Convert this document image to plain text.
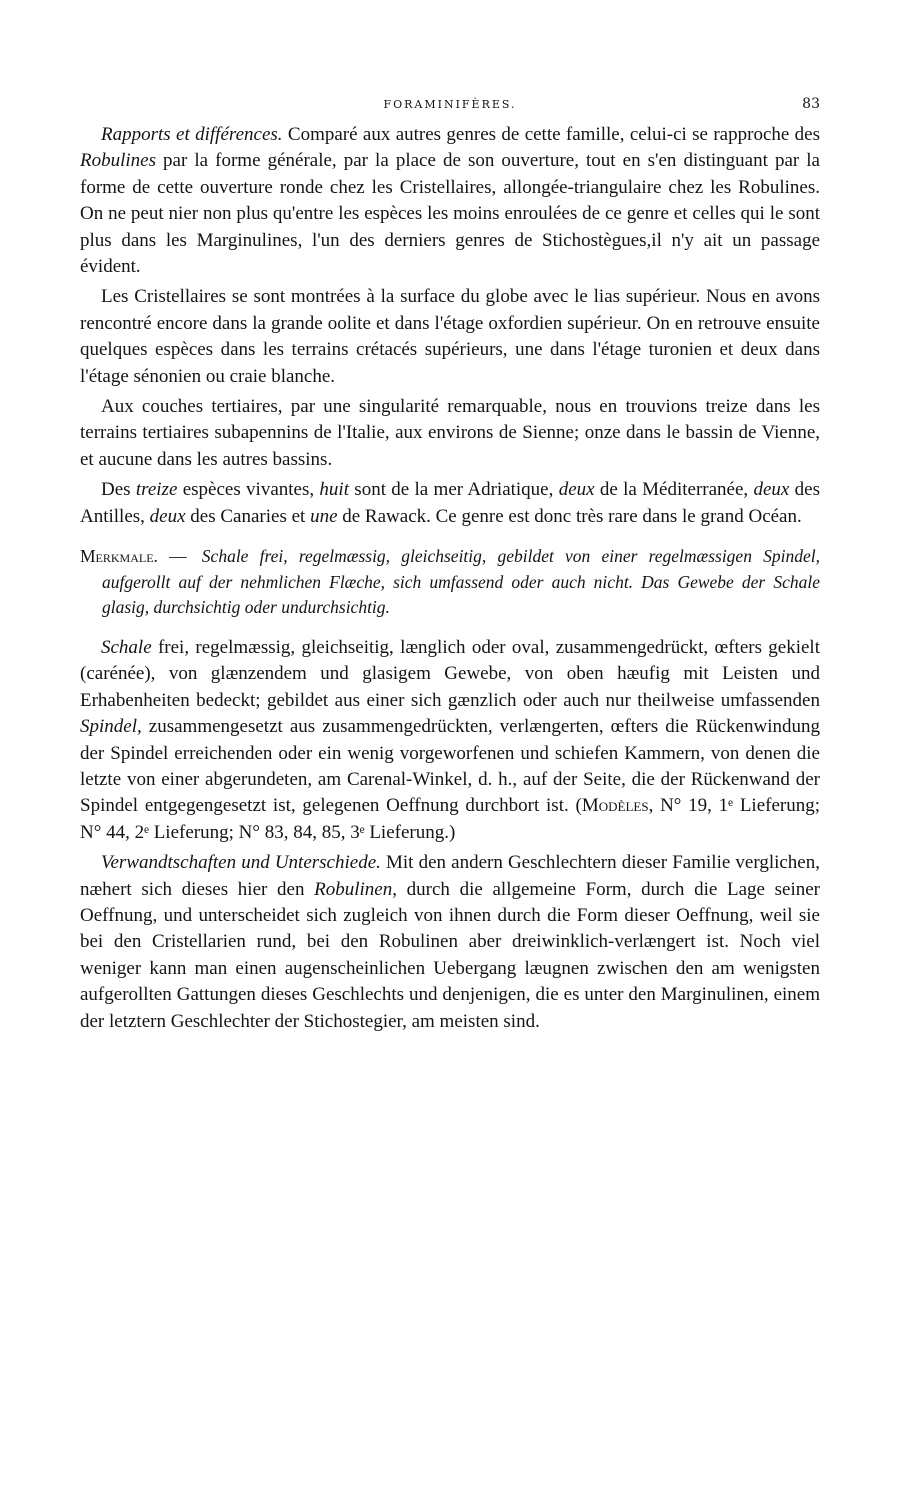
FORAMINIFÈRES.	83

Rapports et différences. Comparé aux autres genres de cette famille, celui-ci se rapproche des Robulines par la forme générale, par la place de son ouverture, tout en s'en distinguant par la forme de cette ouverture ronde chez les Cristellaires, allongée-triangulaire chez les Robulines. On ne peut nier non plus qu'entre les espèces les moins enroulées de ce genre et celles qui le sont plus dans les Marginulines, l'un des derniers genres de Stichostègues,il n'y ait un passage évident.

Les Cristellaires se sont montrées à la surface du globe avec le lias supérieur. Nous en avons rencontré encore dans la grande oolite et dans l'étage oxfordien supérieur. On en retrouve ensuite quelques espèces dans les terrains crétacés supérieurs, une dans l'étage turonien et deux dans l'étage sénonien ou craie blanche.

Aux couches tertiaires, par une singularité remarquable, nous en trouvions treize dans les terrains tertiaires subapennins de l'Italie, aux environs de Sienne; onze dans le bassin de Vienne, et aucune dans les autres bassins.

Des treize espèces vivantes, huit sont de la mer Adriatique, deux de la Méditerranée, deux des Antilles, deux des Canaries et une de Rawack. Ce genre est donc très rare dans le grand Océan.

Merkmale. — Schale frei, regelmæssig, gleichseitig, gebildet von einer regelmæssigen Spindel, aufgerollt auf der nehmlichen Flæche, sich umfassend oder auch nicht. Das Gewebe der Schale glasig, durchsichtig oder undurchsichtig.

Schale frei, regelmæssig, gleichseitig, længlich oder oval, zusammengedrückt, œfters gekielt (carénée), von glænzendem und glasigem Gewebe, von oben hæufig mit Leisten und Erhabenheiten bedeckt; gebildet aus einer sich gænzlich oder auch nur theilweise umfassenden Spindel, zusammengesetzt aus zusammengedrückten, verlængerten, œfters die Rückenwindung der Spindel erreichenden oder ein wenig vorgeworfenen und schiefen Kammern, von denen die letzte von einer abgerundeten, am Carenal-Winkel, d. h., auf der Seite, die der Rückenwand der Spindel entgegengesetzt ist, gelegenen Oeffnung durchbort ist. (Modèles, N° 19, 1ᵉ Lieferung; N° 44, 2ᵉ Lieferung; N° 83, 84, 85, 3ᵉ Lieferung.)

Verwandtschaften und Unterschiede. Mit den andern Geschlechtern dieser Familie verglichen, næhert sich dieses hier den Robulinen, durch die allgemeine Form, durch die Lage seiner Oeffnung, und unterscheidet sich zugleich von ihnen durch die Form dieser Oeffnung, weil sie bei den Cristellarien rund, bei den Robulinen aber dreiwinklich-verlængert ist. Noch viel weniger kann man einen augenscheinlichen Uebergang læugnen zwischen den am wenigsten aufgerollten Gattungen dieses Geschlechts und denjenigen, die es unter den Marginulinen, einem der letztern Geschlechter der Stichostegier, am meisten sind.
